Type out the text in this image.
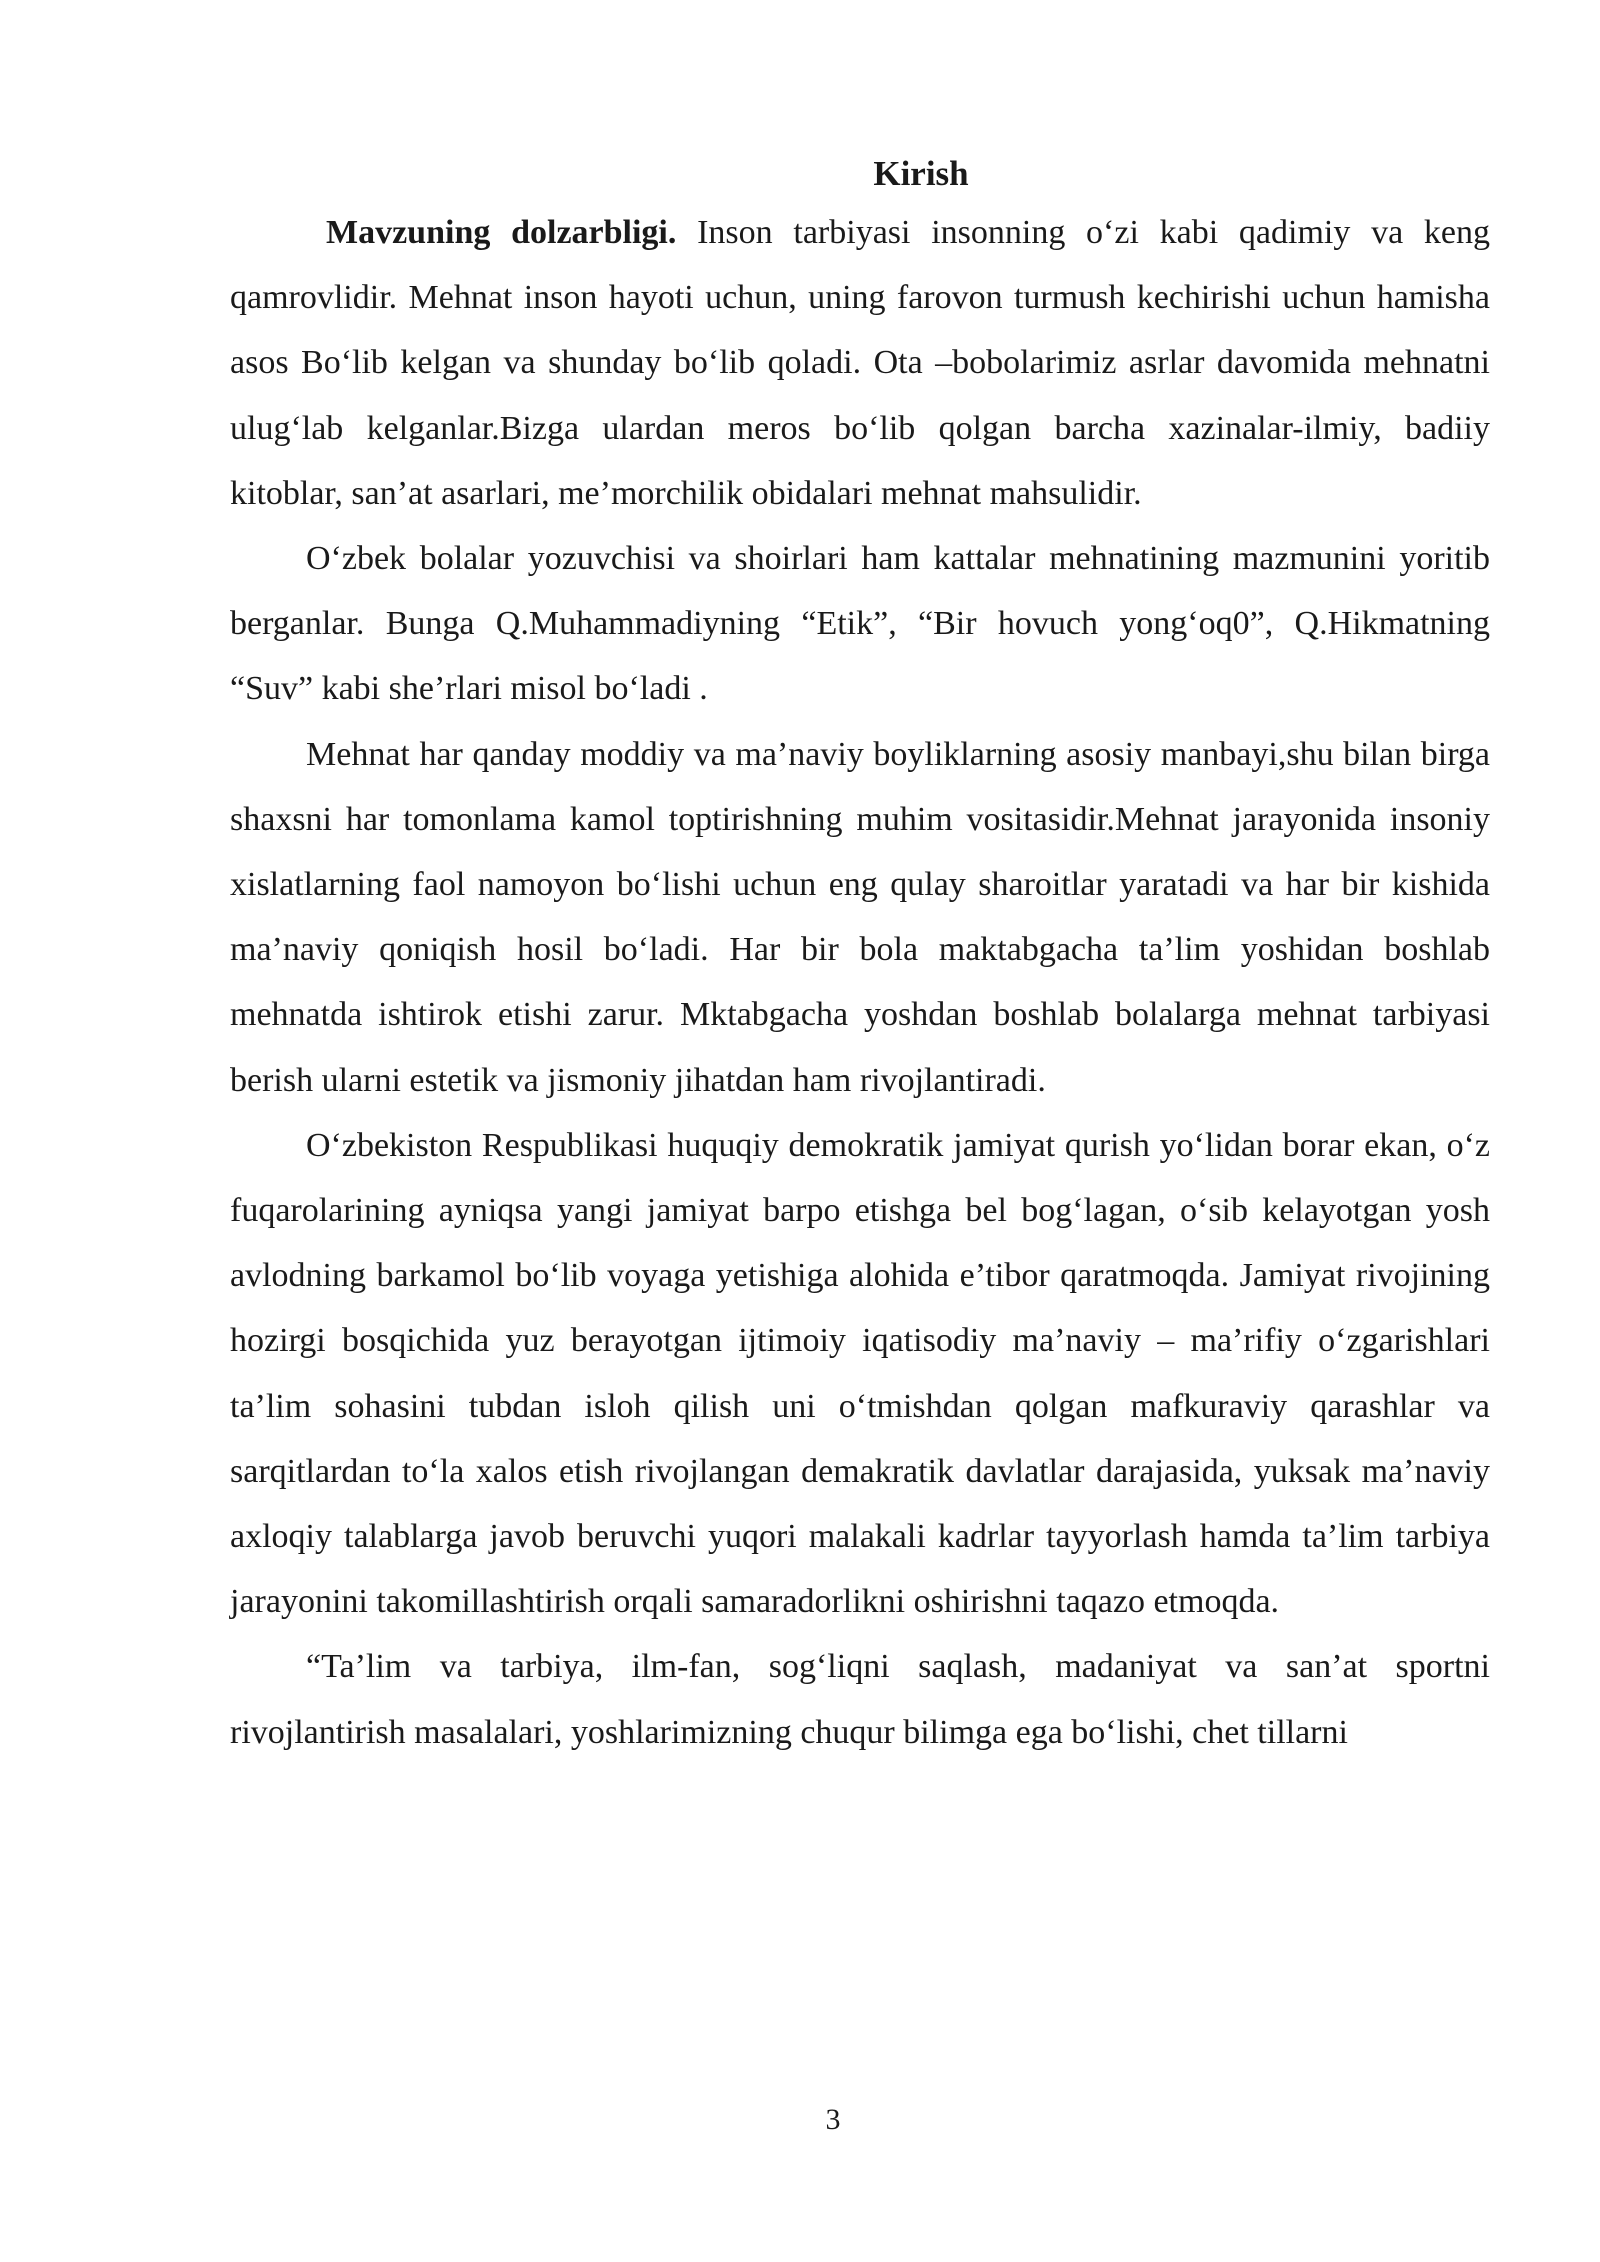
Kirish

Mavzuning dolzarbligi. Inson tarbiyasi insonning o‘zi kabi qadimiy va keng qamrovlidir. Mehnat inson hayoti uchun, uning farovon turmush kechirishi uchun hamisha asos Bo‘lib kelgan va shunday bo‘lib qoladi. Ota –bobolarimiz asrlar davomida mehnatni ulug‘lab kelganlar.Bizga ulardan meros bo‘lib qolgan barcha xazinalar-ilmiy, badiiy kitoblar, san’at asarlari, me’morchilik obidalari mehnat mahsulidir.

O‘zbek bolalar yozuvchisi va shoirlari ham kattalar mehnatining mazmunini yoritib berganlar. Bunga Q.Muhammadiyning “Etik”, “Bir hovuch yong‘oq0”, Q.Hikmatning “Suv” kabi she’rlari misol bo‘ladi .

Mehnat har qanday moddiy va ma’naviy boyliklarning asosiy manbayi,shu bilan birga shaxsni har tomonlama kamol toptirishning muhim vositasidir.Mehnat jarayonida insoniy xislatlarning faol namoyon bo‘lishi uchun eng qulay sharoitlar yaratadi va har bir kishida ma’naviy qoniqish hosil bo‘ladi. Har bir bola maktabgacha ta’lim yoshidan boshlab mehnatda ishtirok etishi zarur. Mktabgacha yoshdan boshlab bolalarga mehnat tarbiyasi berish ularni estetik va jismoniy jihatdan ham rivojlantiradi.

O‘zbekiston Respublikasi huquqiy demokratik jamiyat qurish yo‘lidan borar ekan, o‘z fuqarolarining ayniqsa yangi jamiyat barpo etishga bel bog‘lagan, o‘sib kelayotgan yosh avlodning barkamol bo‘lib voyaga yetishiga alohida e’tibor qaratmoqda. Jamiyat rivojining hozirgi bosqichida yuz berayotgan ijtimoiy iqatisodiy ma’naviy – ma’rifiy o‘zgarishlari ta’lim sohasini tubdan isloh qilish uni o‘tmishdan qolgan mafkuraviy qarashlar va sarqitlardan to‘la xalos etish rivojlangan demakratik davlatlar darajasida, yuksak ma’naviy axloqiy talablarga javob beruvchi yuqori malakali kadrlar tayyorlash hamda ta’lim tarbiya jarayonini takomillashtirish orqali samaradorlikni oshirishni taqazo etmoqda.

“Ta’lim va tarbiya, ilm-fan, sog‘liqni saqlash, madaniyat va san’at sportni rivojlantirish masalalari, yoshlarimizning chuqur bilimga ega bo‘lishi, chet tillarni

3
